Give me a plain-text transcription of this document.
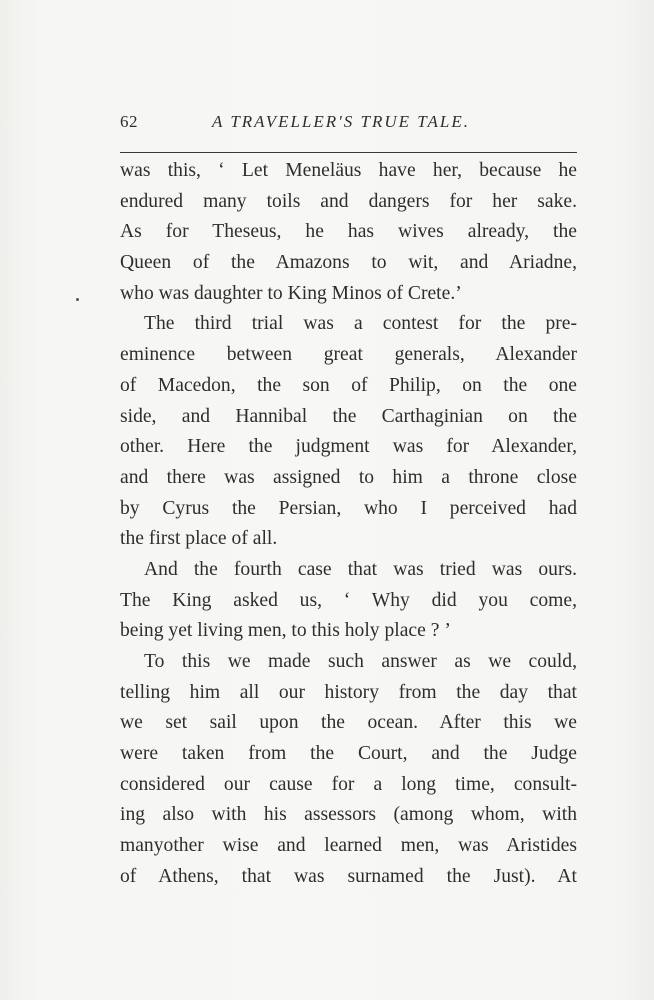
62	A TRAVELLER'S TRUE TALE.
was this, ‘ Let Meneläus have her, because he
endured many toils and dangers for her sake.
As for Theseus, he has wives already, the
Queen of the Amazons to wit, and Ariadne,
who was daughter to King Minos of Crete.’
The third trial was a contest for the pre-
eminence between great generals, Alexander
of Macedon, the son of Philip, on the one
side, and Hannibal the Carthaginian on the
other. Here the judgment was for Alexander,
and there was assigned to him a throne close
by Cyrus the Persian, who I perceived had
the first place of all.
And the fourth case that was tried was ours.
The King asked us, ‘ Why did you come,
being yet living men, to this holy place ? ’
To this we made such answer as we could,
telling him all our history from the day that
we set sail upon the ocean. After this we
were taken from the Court, and the Judge
considered our cause for a long time, consult-
ing also with his assessors (among whom, with
manyother wise and learned men, was Aristides
of Athens, that was surnamed the Just). At
